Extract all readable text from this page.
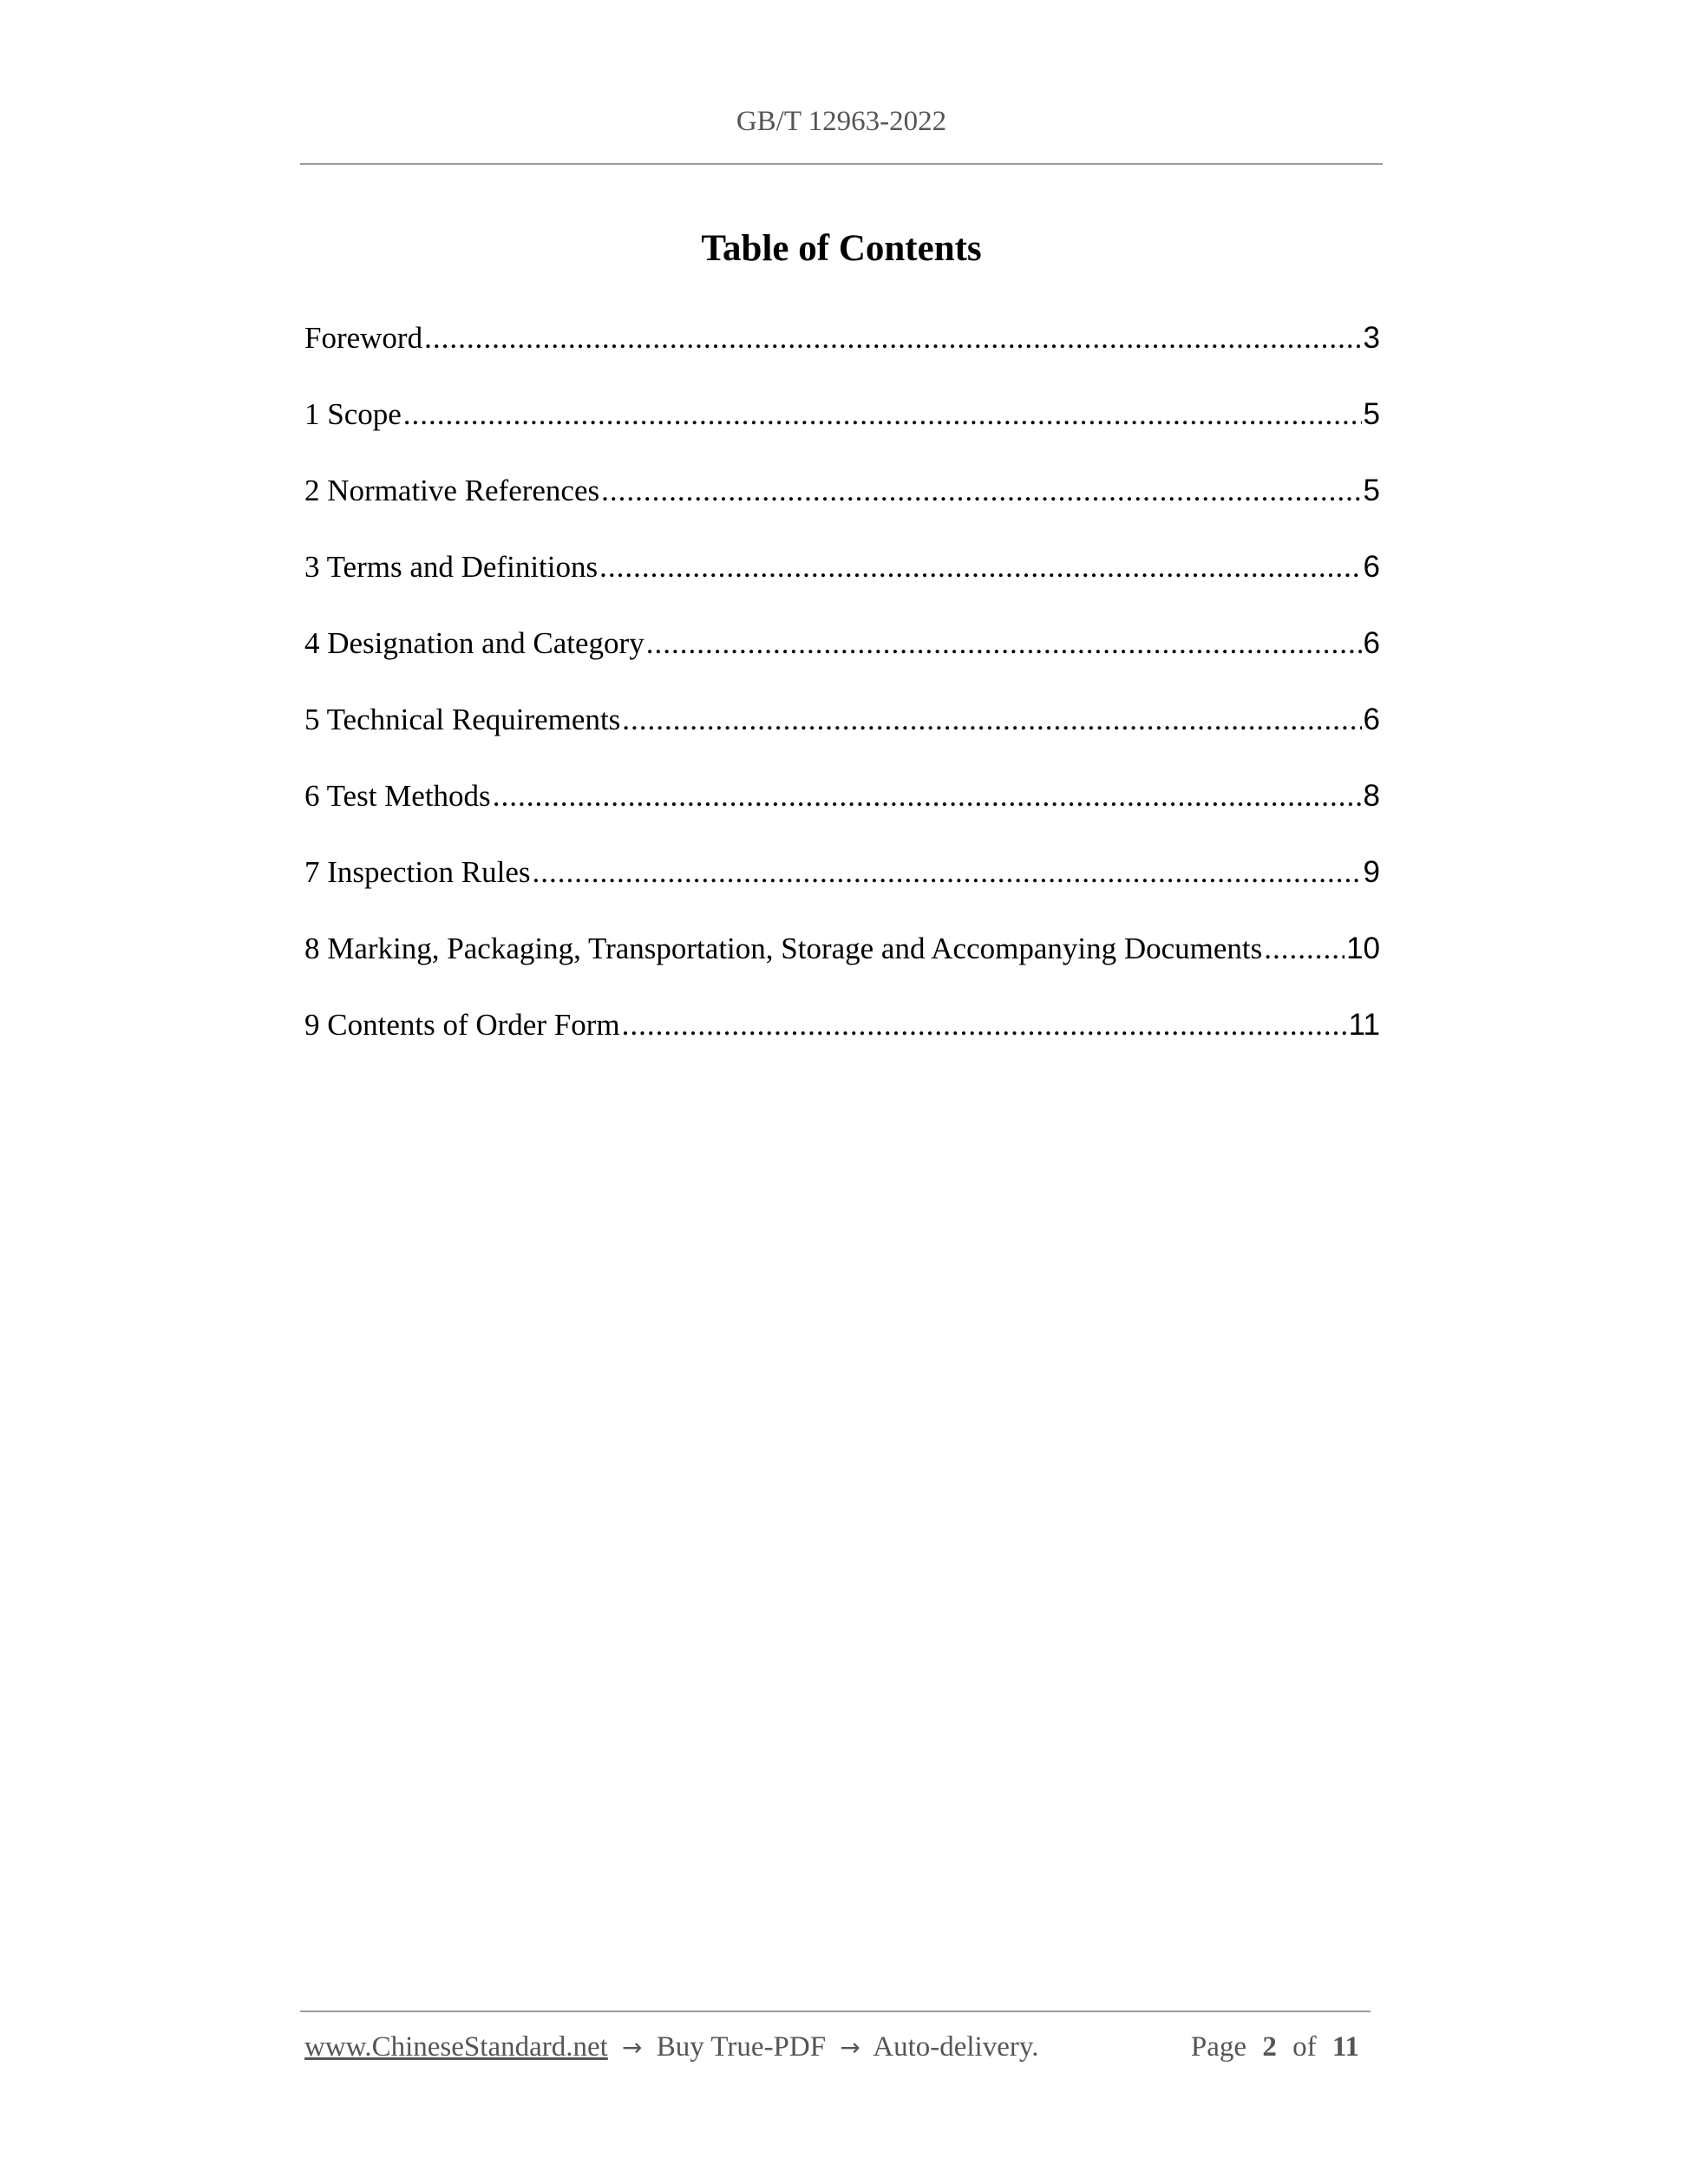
GB/T 12963-2022
Table of Contents
Foreword .....	3
1 Scope .....	5
2 Normative References .....	5
3 Terms and Definitions .....	6
4 Designation and Category .....	6
5 Technical Requirements .....	6
6 Test Methods .....	8
7 Inspection Rules .....	9
8 Marking, Packaging, Transportation, Storage and Accompanying Documents .....	10
9 Contents of Order Form .....	11
www.ChineseStandard.net → Buy True-PDF → Auto-delivery.	Page 2 of 11
